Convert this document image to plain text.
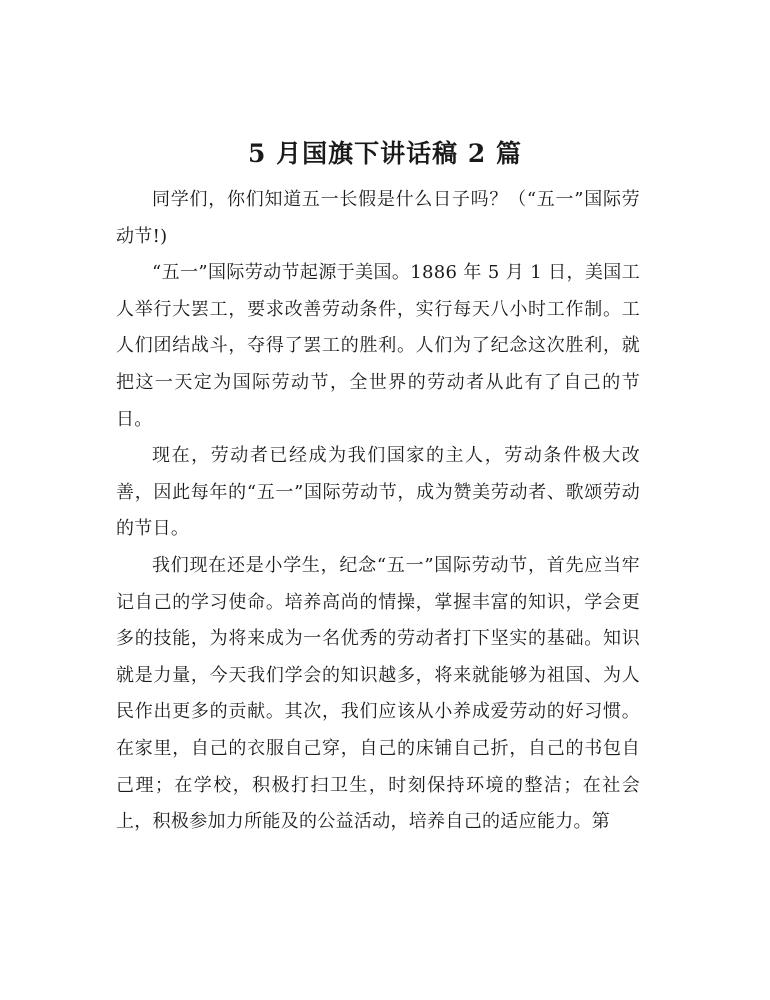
5 月国旗下讲话稿 2 篇

同学们，你们知道五一长假是什么日子吗？（“五一”国际劳动节!)

“五一”国际劳动节起源于美国。1886 年 5 月 1 日，美国工人举行大罢工，要求改善劳动条件，实行每天八小时工作制。工人们团结战斗，夺得了罢工的胜利。人们为了纪念这次胜利，就把这一天定为国际劳动节，全世界的劳动者从此有了自己的节日。

现在，劳动者已经成为我们国家的主人，劳动条件极大改善，因此每年的“五一”国际劳动节，成为赞美劳动者、歌颂劳动的节日。

我们现在还是小学生，纪念“五一”国际劳动节，首先应当牢记自己的学习使命。培养高尚的情操，掌握丰富的知识，学会更多的技能，为将来成为一名优秀的劳动者打下坚实的基础。知识就是力量，今天我们学会的知识越多，将来就能够为祖国、为人民作出更多的贡献。其次，我们应该从小养成爱劳动的好习惯。在家里，自己的衣服自己穿，自己的床铺自己折，自己的书包自己理；在学校，积极打扫卫生，时刻保持环境的整洁；在社会上，积极参加力所能及的公益活动，培养自己的适应能力。第
